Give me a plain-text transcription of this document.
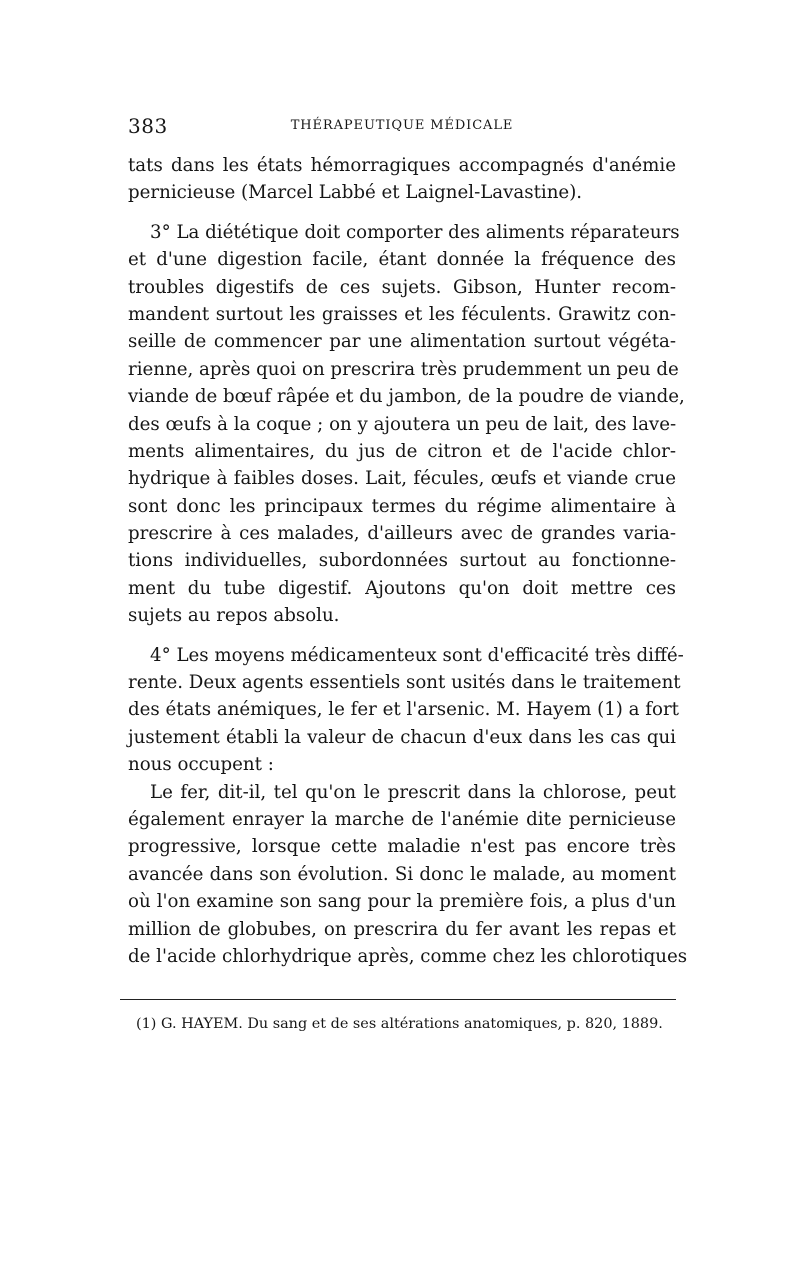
383	THÉRAPEUTIQUE MÉDICALE
tats dans les états hémorragiques accompagnés d'anémie
pernicieuse (Marcel Labbé et Laignel-Lavastine).
3° La diététique doit comporter des aliments réparateurs
et d'une digestion facile, étant donnée la fréquence des
troubles digestifs de ces sujets. Gibson, Hunter recom-
mandent surtout les graisses et les féculents. Grawitz con-
seille de commencer par une alimentation surtout végéta-
rienne, après quoi on prescrira très prudemment un peu de
viande de bœuf râpée et du jambon, de la poudre de viande,
des œufs à la coque ; on y ajoutera un peu de lait, des lave-
ments alimentaires, du jus de citron et de l'acide chlor-
hydrique à faibles doses. Lait, fécules, œufs et viande crue
sont donc les principaux termes du régime alimentaire à
prescrire à ces malades, d'ailleurs avec de grandes varia-
tions individuelles, subordonnées surtout au fonctionne-
ment du tube digestif. Ajoutons qu'on doit mettre ces
sujets au repos absolu.
4° Les moyens médicamenteux sont d'efficacité très diffé-
rente. Deux agents essentiels sont usités dans le traitement
des états anémiques, le fer et l'arsenic. M. Hayem (1) a fort
justement établi la valeur de chacun d'eux dans les cas qui
nous occupent :
Le fer, dit-il, tel qu'on le prescrit dans la chlorose, peut
également enrayer la marche de l'anémie dite pernicieuse
progressive, lorsque cette maladie n'est pas encore très
avancée dans son évolution. Si donc le malade, au moment
où l'on examine son sang pour la première fois, a plus d'un
million de globubes, on prescrira du fer avant les repas et
de l'acide chlorhydrique après, comme chez les chlorotiques
(1) G. HAYEM. Du sang et de ses altérations anatomiques, p. 820, 1889.
